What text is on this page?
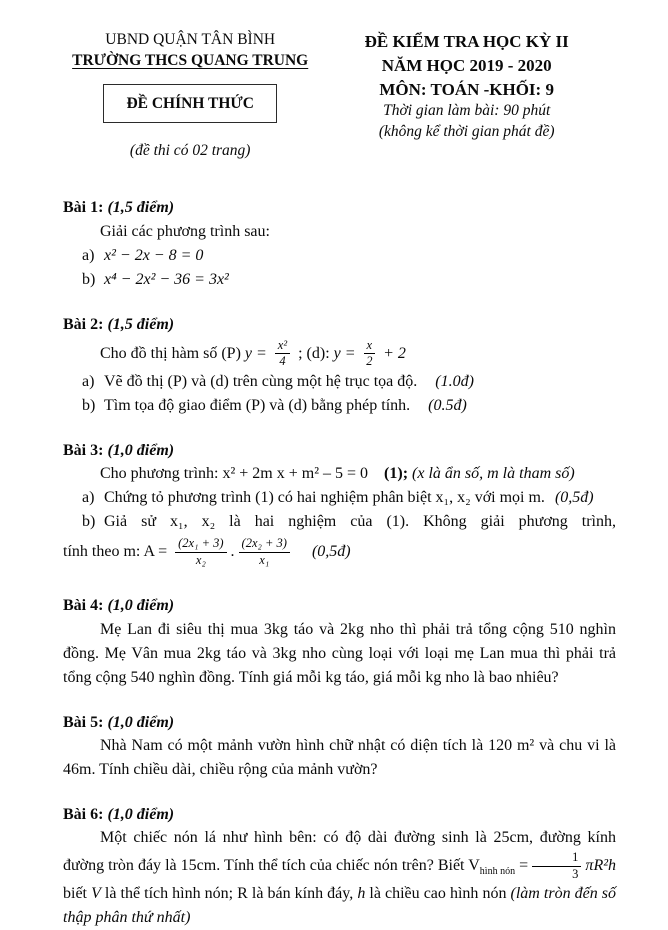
UBND QUẬN TÂN BÌNH
TRƯỜNG THCS QUANG TRUNG
ĐỀ CHÍNH THỨC
(đề thi có 02 trang)
ĐỀ KIỂM TRA HỌC KỲ II
NĂM HỌC 2019 - 2020
MÔN: TOÁN -KHỐI: 9
Thời gian làm bài: 90 phút
(không kể thời gian phát đề)
Bài 1: (1,5 điểm)
Giải các phương trình sau:
a) x² − 2x − 8 = 0
b) x⁴ − 2x² − 36 = 3x²
Bài 2: (1,5 điểm)
Cho đồ thị hàm số (P) $y = \frac{\text{x²}}{4}$ ; (d): $y = \frac{x}{2} + 2$
a) Vẽ đồ thị (P) và (d) trên cùng một hệ trục tọa độ. (1.0đ)
b) Tìm tọa độ giao điểm (P) và (d) bằng phép tính. (0.5đ)
Bài 3: (1,0 điểm)
Cho phương trình: x² + 2m x + m² – 5 = 0 (1); (x là ẩn số, m là tham số)
a) Chứng tỏ phương trình (1) có hai nghiệm phân biệt x₁, x₂ với mọi m. (0,5đ)
b) Giả sử x₁, x₂ là hai nghiệm của (1). Không giải phương trình,
tính theo m: $A = \frac{\text{(2x₁ + 3)}}{\text{x₂}}$ . $\frac{\text{(2x₂ + 3)}}{\text{x₁}}$ (0,5đ)
Bài 4: (1,0 điểm)

Mẹ Lan đi siêu thị mua 3kg táo và 2kg nho thì phải trả tổng cộng 510 nghìn đồng. Mẹ Vân mua 2kg táo và 3kg nho cùng loại với loại mẹ Lan mua thì phải trả tổng cộng 540 nghìn đồng. Tính giá mỗi kg táo, giá mỗi kg nho là bao nhiêu?

Bài 5: (1,0 điểm)

Nhà Nam có một mảnh vườn hình chữ nhật có diện tích là 120 m² và chu vi là 46m. Tính chiều dài, chiều rộng của mảnh vườn?

Bài 6: (1,0 điểm)

Một chiếc nón lá như hình bên: có độ dài đường sinh là 25cm, đường kính đường tròn đáy là 15cm. Tính thể tích của chiếc nón trên? Biết $V_{hình nón} = \frac{1}{3} \pi R^2h$ biết V là thể tích hình nón; R là bán kính đáy, h là chiều cao hình nón (làm tròn đến số thập phân thứ nhất)
